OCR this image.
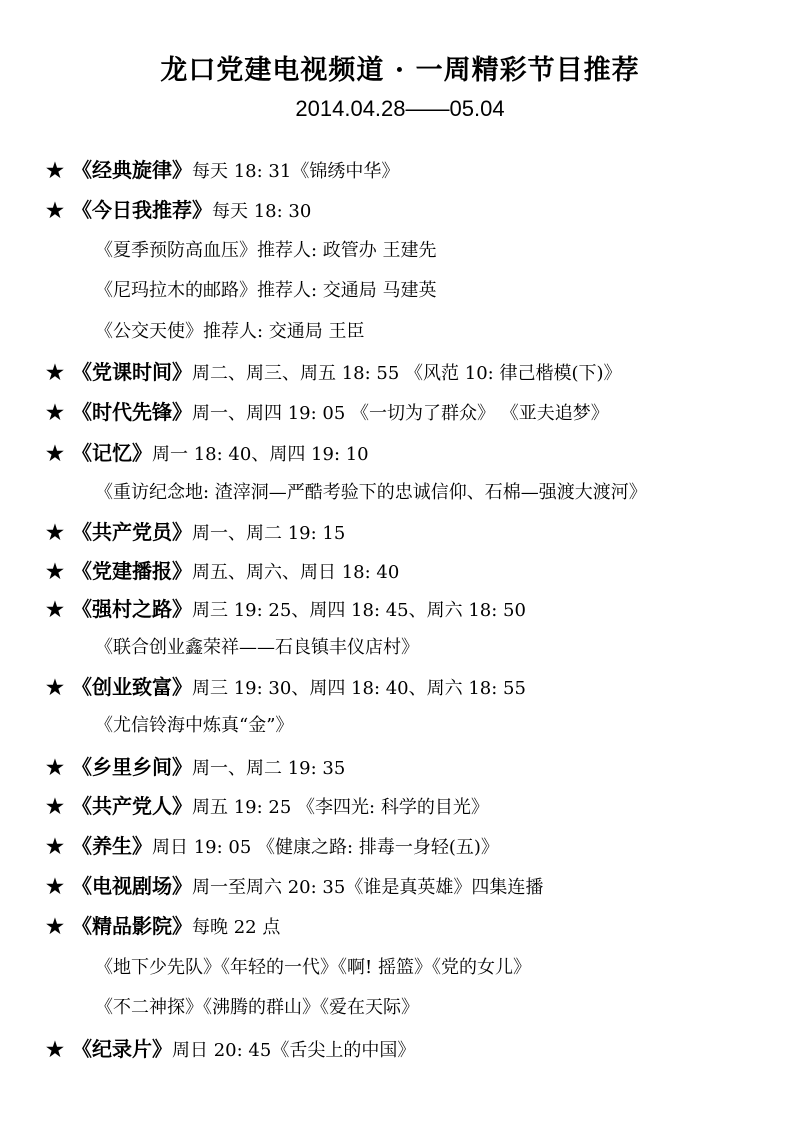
龙口党建电视频道 · 一周精彩节目推荐
2014.04.28——05.04
★ 《经典旋律》每天 18: 31《锦绣中华》
★ 《今日我推荐》每天 18: 30
《夏季预防高血压》推荐人: 政管办 王建先
《尼玛拉木的邮路》推荐人: 交通局 马建英
《公交天使》推荐人: 交通局 王臣
★ 《党课时间》周二、周三、周五 18: 55 《风范 10: 律己楷模(下)》
★ 《时代先锋》周一、周四 19: 05 《一切为了群众》 《亚夫追梦》
★ 《记忆》周一 18: 40、周四 19: 10
《重访纪念地: 渣滓洞—严酷考验下的忠诚信仰、石棉—强渡大渡河》
★ 《共产党员》周一、周二 19: 15
★ 《党建播报》周五、周六、周日 18: 40
★ 《强村之路》周三 19: 25、周四 18: 45、周六 18: 50
《联合创业鑫荣祥——石良镇丰仪店村》
★ 《创业致富》周三 19: 30、周四 18: 40、周六 18: 55
《尤信铃海中炼真“金”》
★ 《乡里乡间》周一、周二 19: 35
★ 《共产党人》周五 19: 25 《李四光: 科学的目光》
★ 《养生》周日 19: 05 《健康之路: 排毒一身轻(五)》
★ 《电视剧场》周一至周六 20: 35《谁是真英雄》四集连播
★ 《精品影院》每晚 22 点
《地下少先队》《年轻的一代》《啊! 摇篮》《党的女儿》
《不二神探》《沸腾的群山》《爱在天际》
★ 《纪录片》周日 20: 45《舌尖上的中国》
